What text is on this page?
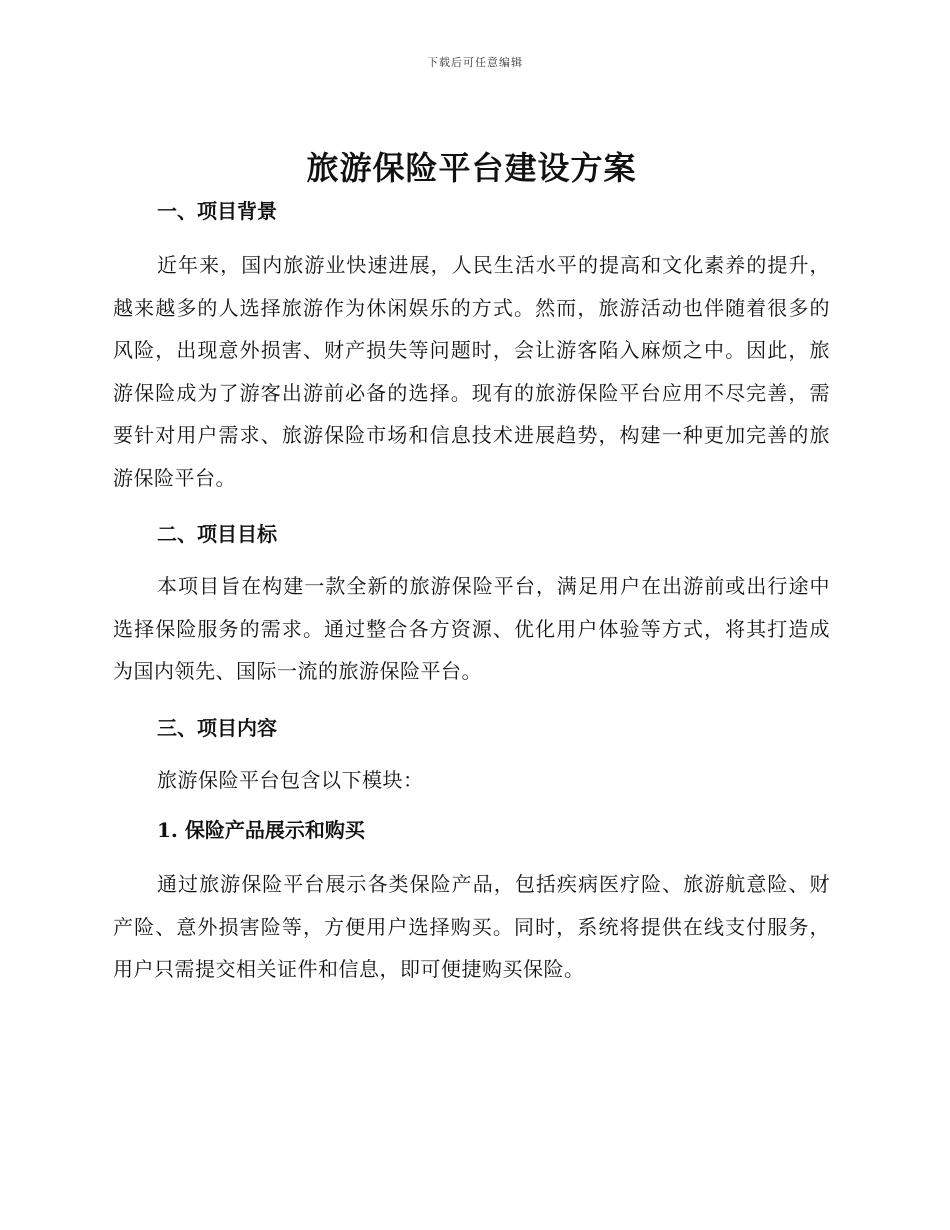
下载后可任意编辑
旅游保险平台建设方案
一、项目背景

近年来，国内旅游业快速进展，人民生活水平的提高和文化素养的提升，越来越多的人选择旅游作为休闲娱乐的方式。然而，旅游活动也伴随着很多的风险，出现意外损害、财产损失等问题时，会让游客陷入麻烦之中。因此，旅游保险成为了游客出游前必备的选择。现有的旅游保险平台应用不尽完善，需要针对用户需求、旅游保险市场和信息技术进展趋势，构建一种更加完善的旅游保险平台。

二、项目目标

本项目旨在构建一款全新的旅游保险平台，满足用户在出游前或出行途中选择保险服务的需求。通过整合各方资源、优化用户体验等方式，将其打造成为国内领先、国际一流的旅游保险平台。

三、项目内容

旅游保险平台包含以下模块：

1. 保险产品展示和购买

通过旅游保险平台展示各类保险产品，包括疾病医疗险、旅游航意险、财产险、意外损害险等，方便用户选择购买。同时，系统将提供在线支付服务，用户只需提交相关证件和信息，即可便捷购买保险。
